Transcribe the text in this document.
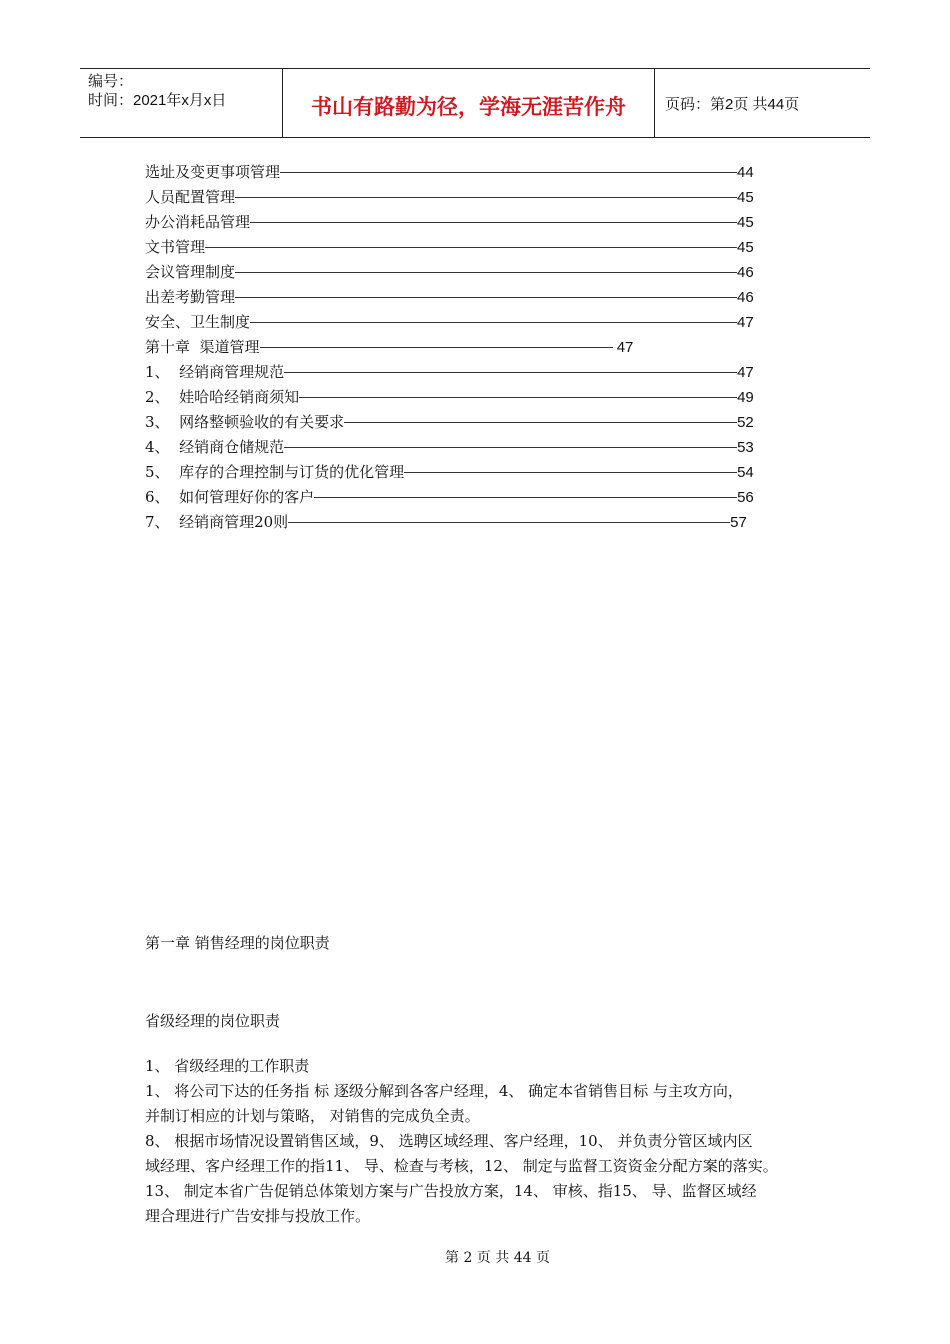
编号：
时间：2021年x月x日	书山有路勤为径，学海无涯苦作舟	页码：第2页 共44页
选址及变更事项管理	44
人员配置管理	45
办公消耗品管理	45
文书管理	45
会议管理制度	46
出差考勤管理	46
安全、卫生制度	47
第十章  渠道管理	47
1、  经销商管理规范	47
2、  娃哈哈经销商须知	49
3、  网络整顿验收的有关要求	52
4、  经销商仓储规范	53
5、  库存的合理控制与订货的优化管理	54
6、  如何管理好你的客户	56
7、  经销商管理20则	57
第一章 销售经理的岗位职责
省级经理的岗位职责
1、 省级经理的工作职责
1、 将公司下达的任务指 标 逐级分解到各客户经理，4、 确定本省销售目标 与主攻方向，
并制订相应的计划与策略， 对销售的完成负全责。
8、 根据市场情况设置销售区域，9、 选聘区域经理、客户经理，10、 并负责分管区域内区
域经理、客户经理工作的指11、 导、检查与考核，12、 制定与监督工资资金分配方案的落实。
13、 制定本省广告促销总体策划方案与广告投放方案，14、 审核、指15、 导、监督区域经
理合理进行广告安排与投放工作。
第 2 页 共 44 页
